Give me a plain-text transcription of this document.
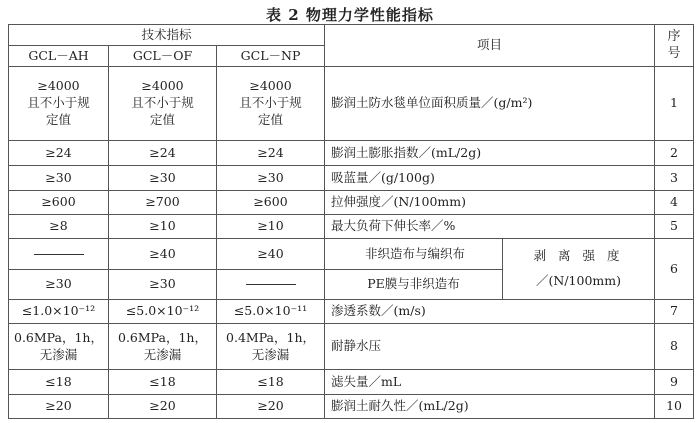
表 2 物理力学性能指标
技术指标			项目		序号
GCL－AH	GCL－OF	GCL－NP			

≥4000
且不小于规
定值	≥4000
且不小于规
定值	≥4000
且不小于规
定值	膨润土防水毯单位面积质量／(g/m²)		1
≥24	≥24	≥24	膨润土膨胀指数／(mL/2g)		2
≥30	≥30	≥30	吸蓝量／(g/100g)		3
≥600	≥700	≥600	拉伸强度／(N/100mm)		4
≥8	≥10	≥10	最大负荷下伸长率／%		5
	≥40	≥40	非织造布与编织布	剥 离 强 度
／(N/100mm)	6
≥30	≥30		PE膜与非织造布		
≤1.0×10⁻¹²	≤5.0×10⁻¹²	≤5.0×10⁻¹¹	渗透系数／(m/s)		7

0.6MPa，1h，
无渗漏	0.6MPa，1h，
无渗漏	0.4MPa，1h，
无渗漏	耐静水压		8
≤18	≤18	≤18	滤失量／mL		9
≥20	≥20	≥20	膨润土耐久性／(mL/2g)		10
